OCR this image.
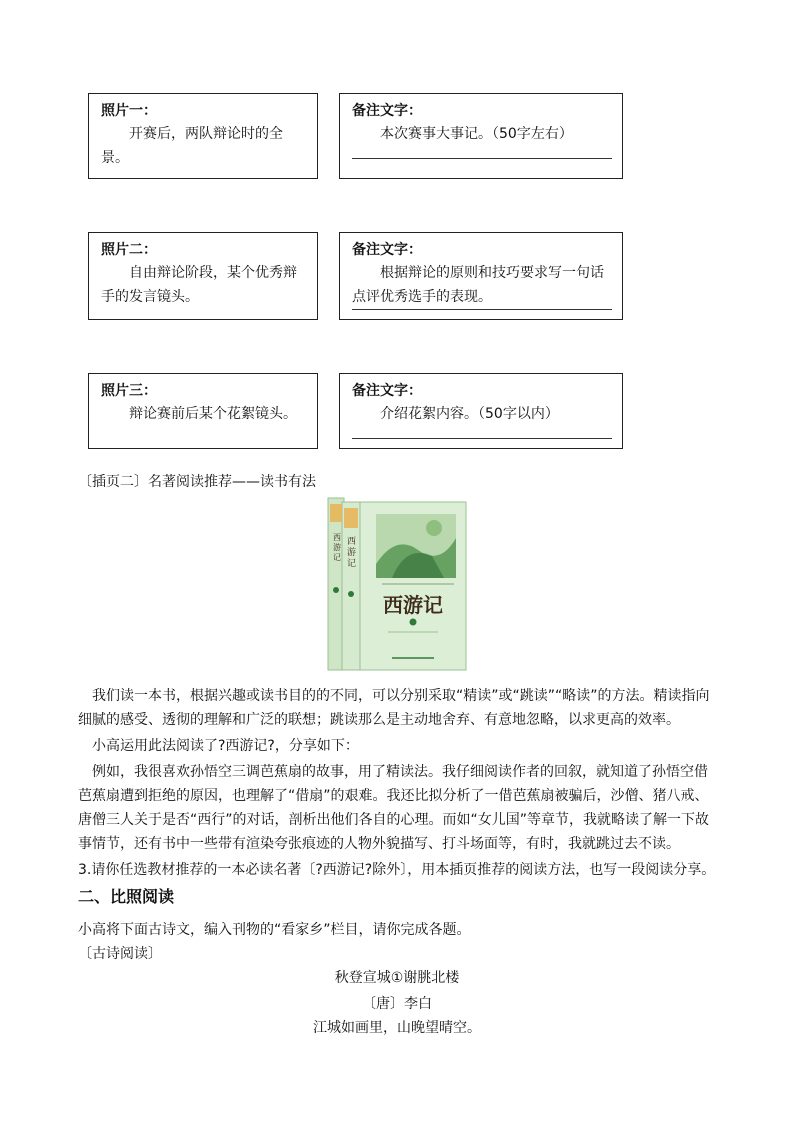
照片一：
开赛后，两队辩论时的全景。
备注文字：
本次赛事大事记。（50字左右）
照片二：
自由辩论阶段，某个优秀辩手的发言镜头。
备注文字：
根据辩论的原则和技巧要求写一句话点评优秀选手的表现。
照片三：
辩论赛前后某个花絮镜头。
备注文字：
介绍花絮内容。（50字以内）
〔插页二〕名著阅读推荐——读书有法
西游记
西游记
西游记
我们读一本书，根据兴趣或读书目的的不同，可以分别采取“精读”或“跳读”“略读”的方法。精读指向细腻的感受、透彻的理解和广泛的联想；跳读那么是主动地舍弃、有意地忽略，以求更高的效率。
小高运用此法阅读了?西游记?，分享如下：
例如，我很喜欢孙悟空三调芭蕉扇的故事，用了精读法。我仔细阅读作者的回叙，就知道了孙悟空借芭蕉扇遭到拒绝的原因，也理解了“借扇”的艰难。我还比拟分析了一借芭蕉扇被骗后，沙僧、猪八戒、唐僧三人关于是否“西行”的对话，剖析出他们各自的心理。而如“女儿国”等章节，我就略读了解一下故事情节，还有书中一些带有渲染夸张痕迹的人物外貌描写、打斗场面等，有时，我就跳过去不读。
3.请你任选教材推荐的一本必读名著〔?西游记?除外〕，用本插页推荐的阅读方法，也写一段阅读分享。
二、比照阅读
小高将下面古诗文，编入刊物的“看家乡”栏目，请你完成各题。
〔古诗阅读〕
秋登宣城①谢朓北楼
〔唐〕李白
江城如画里，山晚望晴空。
